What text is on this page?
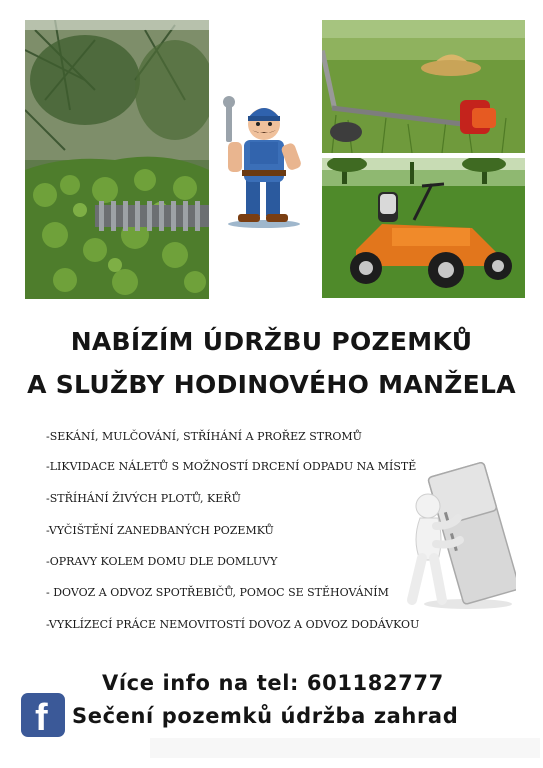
NABÍZÍM ÚDRŽBU POZEMKŮ
A SLUŽBY HODINOVÉHO MANŽELA
-SEKÁNÍ, MULČOVÁNÍ, STŘÍHÁNÍ A PROŘEZ STROMŮ
-LIKVIDACE NÁLETŮ S MOŽNOSTÍ DRCENÍ ODPADU NA MÍSTĚ
-STŘÍHÁNÍ ŽIVÝCH PLOTŮ, KEŘŮ
-VYČIŠTĚNÍ ZANEDBANÝCH POZEMKŮ
-OPRAVY KOLEM DOMU DLE DOMLUVY
- DOVOZ A ODVOZ SPOTŘEBIČŮ, POMOC SE STĚHOVÁNÍM
-VYKLÍZECÍ PRÁCE NEMOVITOSTÍ DOVOZ A ODVOZ DODÁVKOU
Více info na tel: 601182777
f Sečení pozemků údržba zahrad
